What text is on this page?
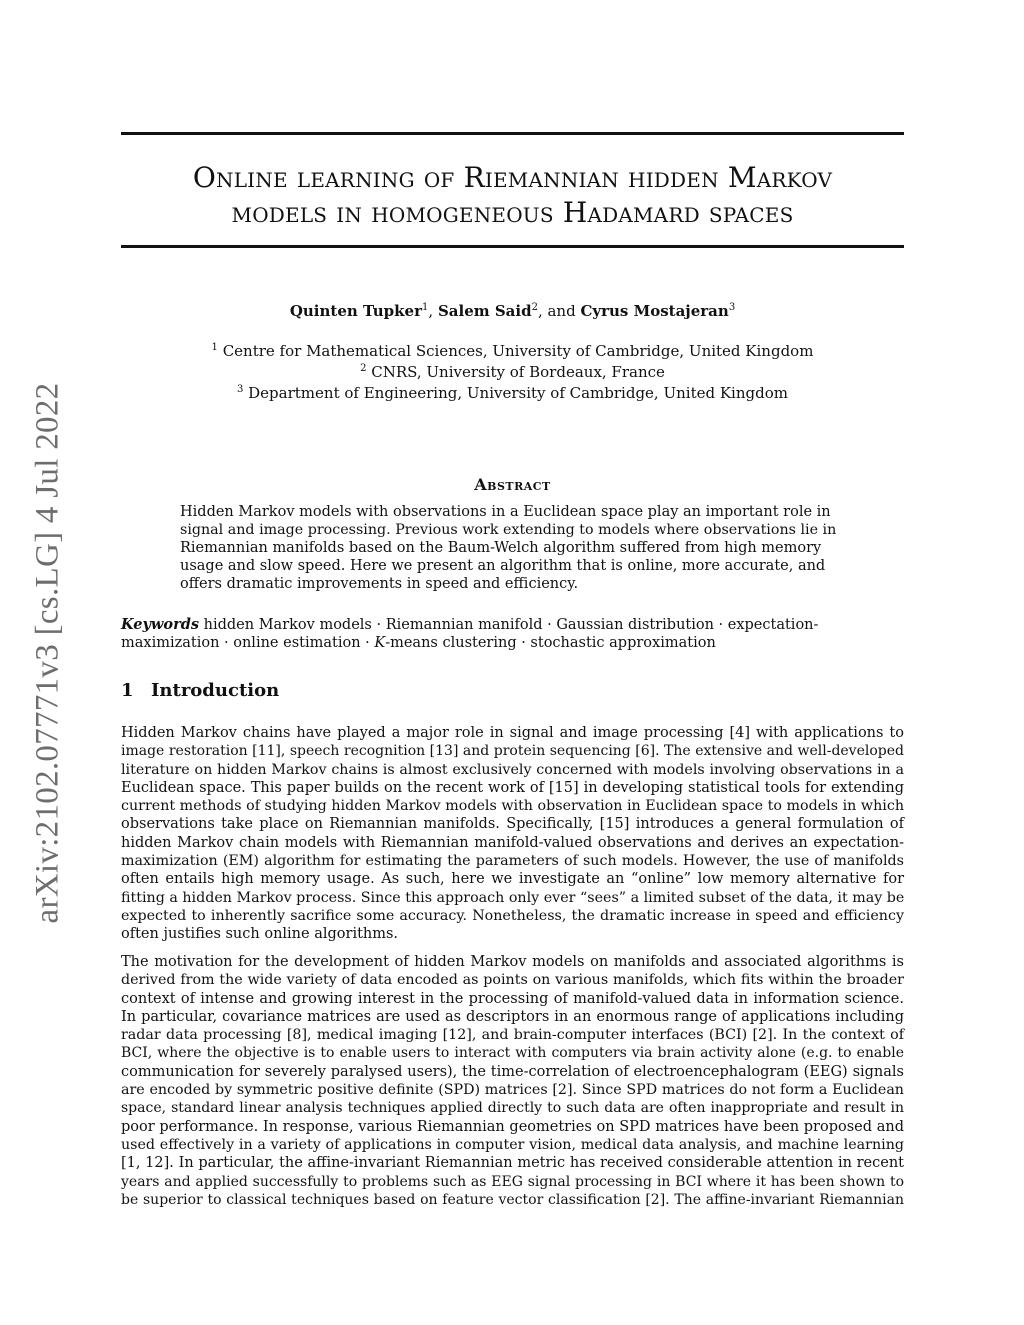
Online learning of Riemannian hidden Markov
models in homogeneous Hadamard spaces
Quinten Tupker$^1$, Salem Said$^2$, and Cyrus Mostajeran$^3$
$^1$ Centre for Mathematical Sciences, University of Cambridge, United Kingdom
$^2$ CNRS, University of Bordeaux, France
$^3$ Department of Engineering, University of Cambridge, United Kingdom
arXiv:2102.07771v3 [cs.LG] 4 Jul 2022	Abstract
Hidden Markov models with observations in a Euclidean space play an important role in
signal and image processing. Previous work extending to models where observations lie in
Riemannian manifolds based on the Baum-Welch algorithm suffered from high memory
usage and slow speed. Here we present an algorithm that is online, more accurate, and
offers dramatic improvements in speed and efficiency.
Keywords hidden Markov models · Riemannian manifold · Gaussian distribution · expectation-
maximization · online estimation · K-means clustering · stochastic approximation
1 Introduction
Hidden Markov chains have played a major role in signal and image processing [4] with applications to
image restoration [11], speech recognition [13] and protein sequencing [6]. The extensive and well-developed
literature on hidden Markov chains is almost exclusively concerned with models involving observations in a
Euclidean space. This paper builds on the recent work of [15] in developing statistical tools for extending
current methods of studying hidden Markov models with observation in Euclidean space to models in which
observations take place on Riemannian manifolds. Specifically, [15] introduces a general formulation of
hidden Markov chain models with Riemannian manifold-valued observations and derives an expectation-
maximization (EM) algorithm for estimating the parameters of such models. However, the use of manifolds
often entails high memory usage. As such, here we investigate an “online” low memory alternative for
fitting a hidden Markov process. Since this approach only ever “sees” a limited subset of the data, it may be
expected to inherently sacrifice some accuracy. Nonetheless, the dramatic increase in speed and efficiency
often justifies such online algorithms.
The motivation for the development of hidden Markov models on manifolds and associated algorithms is
derived from the wide variety of data encoded as points on various manifolds, which fits within the broader
context of intense and growing interest in the processing of manifold-valued data in information science.
In particular, covariance matrices are used as descriptors in an enormous range of applications including
radar data processing [8], medical imaging [12], and brain-computer interfaces (BCI) [2]. In the context of
BCI, where the objective is to enable users to interact with computers via brain activity alone (e.g. to enable
communication for severely paralysed users), the time-correlation of electroencephalogram (EEG) signals
are encoded by symmetric positive definite (SPD) matrices [2]. Since SPD matrices do not form a Euclidean
space, standard linear analysis techniques applied directly to such data are often inappropriate and result in
poor performance. In response, various Riemannian geometries on SPD matrices have been proposed and
used effectively in a variety of applications in computer vision, medical data analysis, and machine learning
[1, 12]. In particular, the affine-invariant Riemannian metric has received considerable attention in recent
years and applied successfully to problems such as EEG signal processing in BCI where it has been shown to
be superior to classical techniques based on feature vector classification [2]. The affine-invariant Riemannian
